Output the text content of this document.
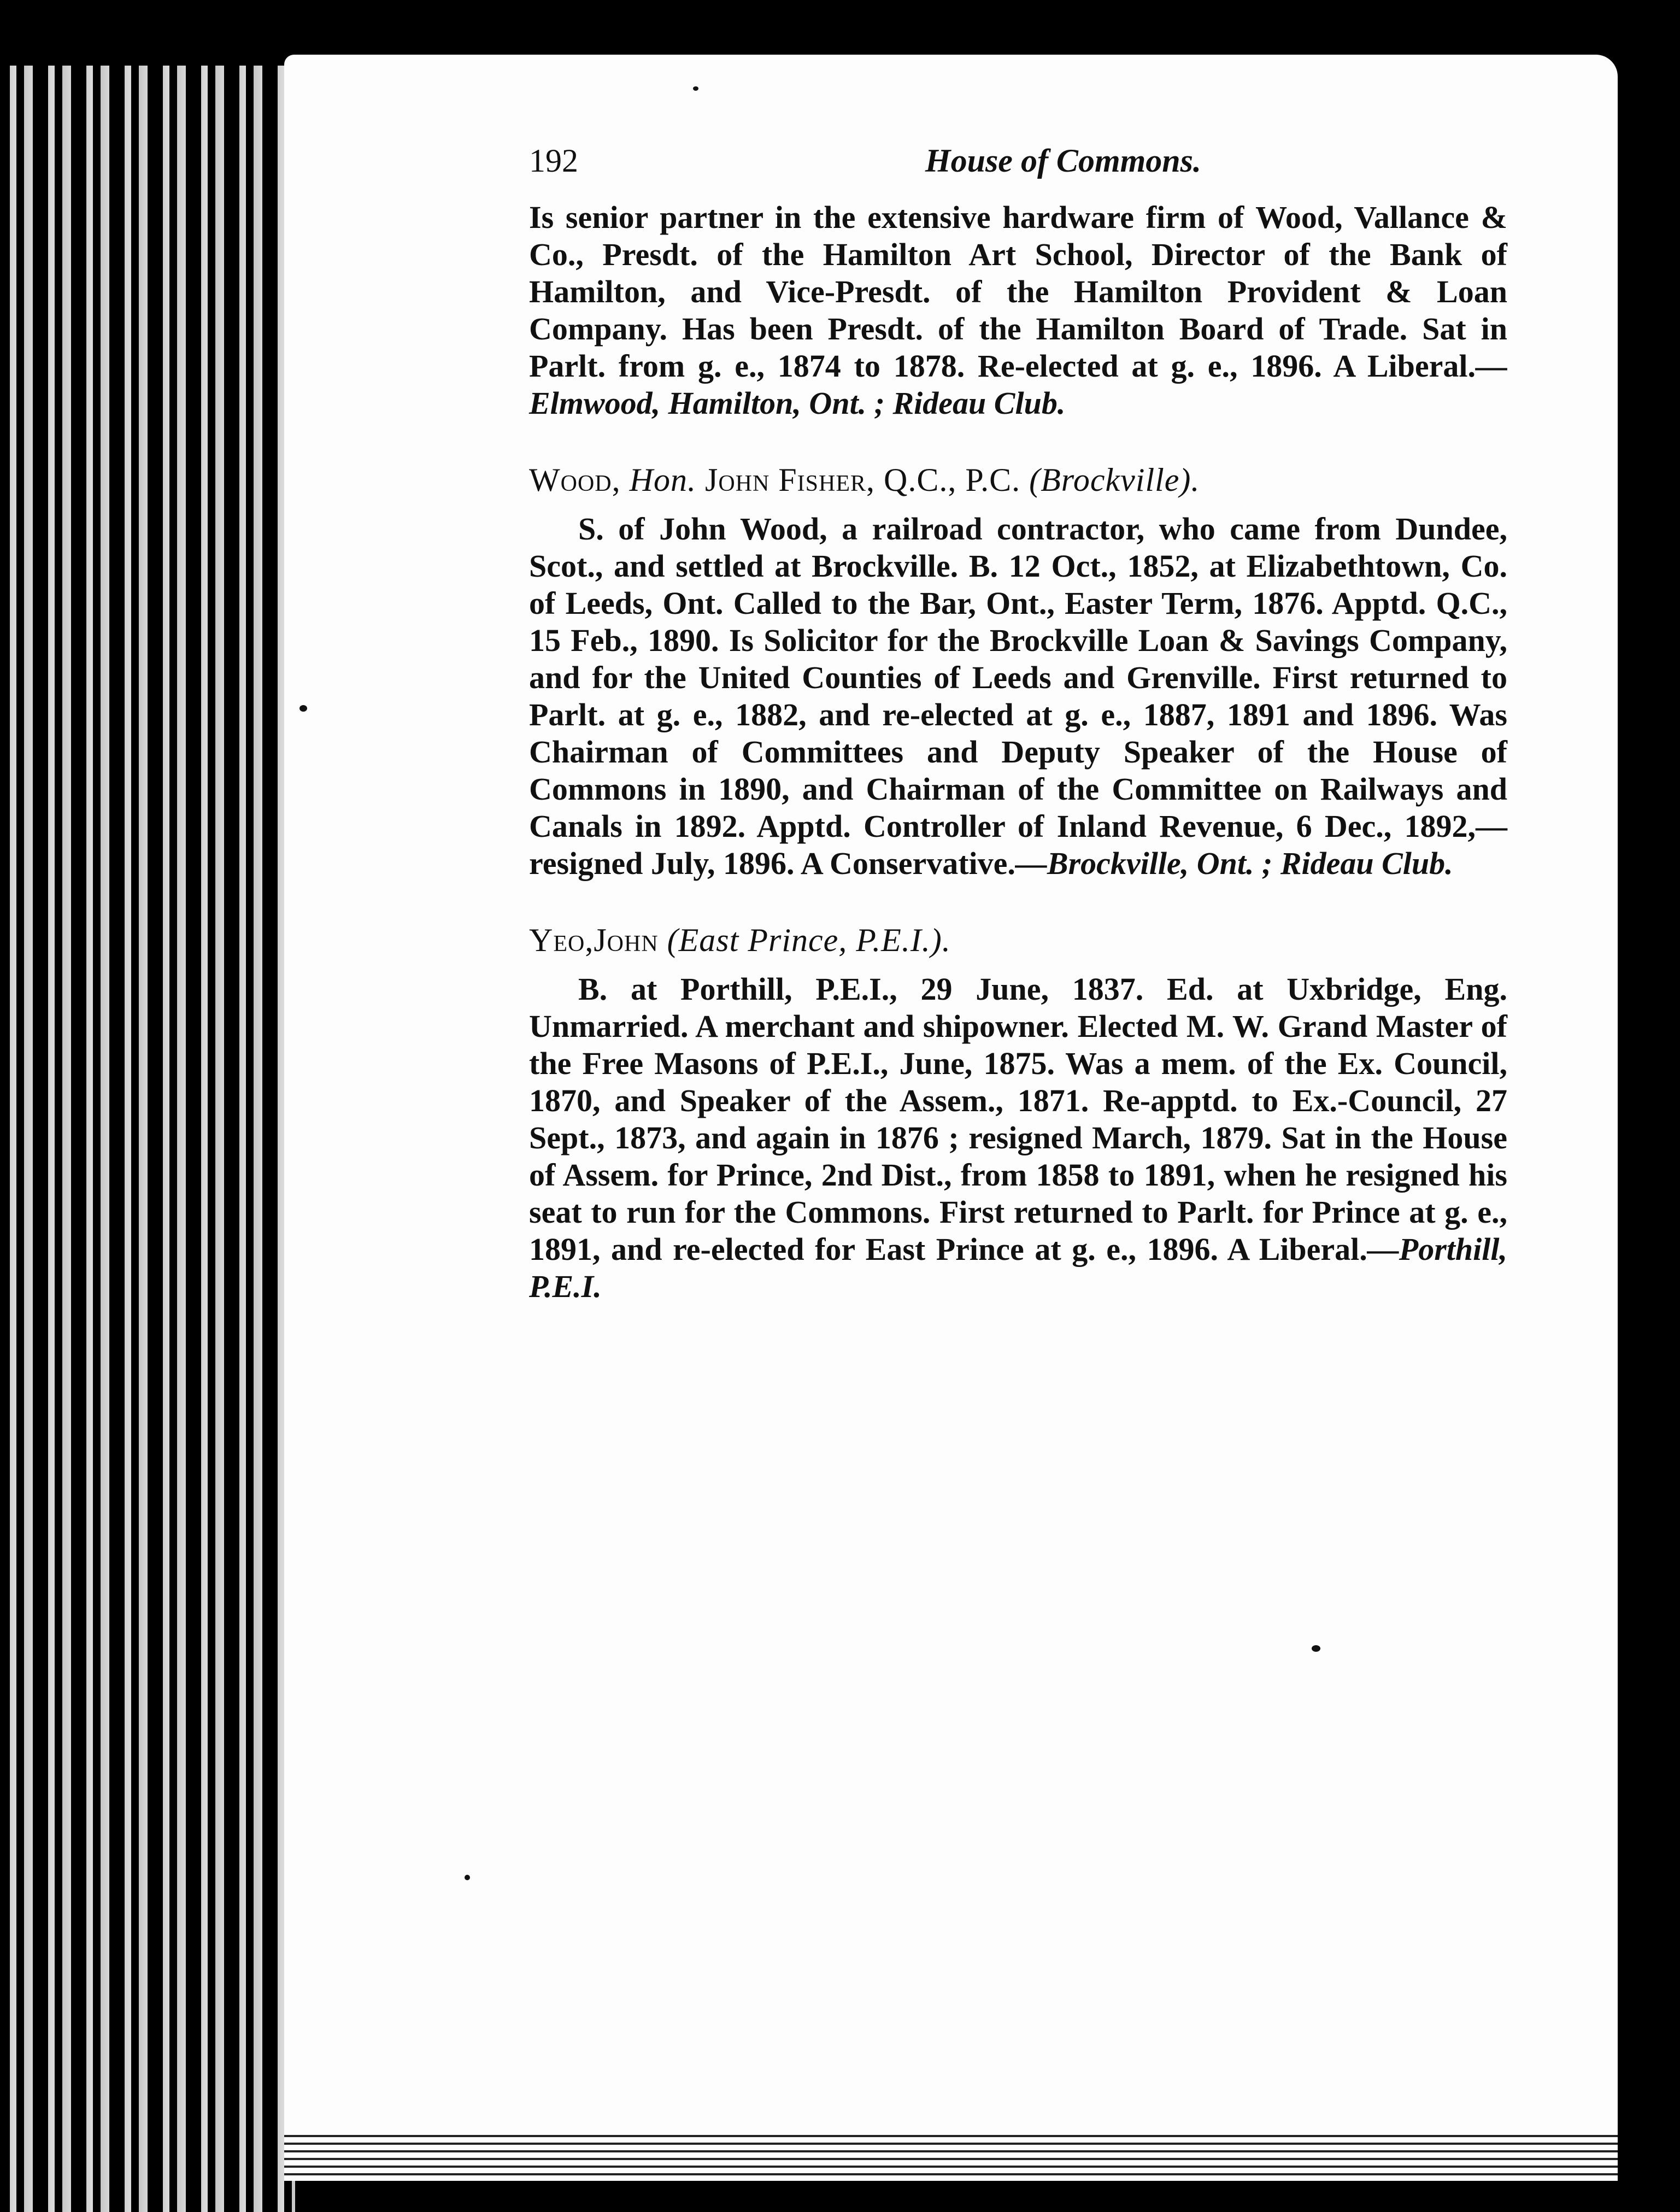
192	House of Commons.

Is senior partner in the extensive hardware firm of Wood, Vallance & Co., Presdt. of the Hamilton Art School, Director of the Bank of Hamilton, and Vice-Presdt. of the Hamilton Provident & Loan Company. Has been Presdt. of the Hamilton Board of Trade. Sat in Parlt. from g. e., 1874 to 1878. Re-elected at g. e., 1896. A Liberal.—Elmwood, Hamilton, Ont. ; Rideau Club.

Wood, Hon. John Fisher, Q.C., P.C. (Brockville).

S. of John Wood, a railroad contractor, who came from Dundee, Scot., and settled at Brockville. B. 12 Oct., 1852, at Elizabethtown, Co. of Leeds, Ont. Called to the Bar, Ont., Easter Term, 1876. Apptd. Q.C., 15 Feb., 1890. Is Solicitor for the Brockville Loan & Savings Company, and for the United Counties of Leeds and Grenville. First returned to Parlt. at g. e., 1882, and re-elected at g. e., 1887, 1891 and 1896. Was Chairman of Committees and Deputy Speaker of the House of Commons in 1890, and Chairman of the Committee on Railways and Canals in 1892. Apptd. Controller of Inland Revenue, 6 Dec., 1892,—resigned July, 1896. A Conservative.—Brockville, Ont. ; Rideau Club.

Yeo,John (East Prince, P.E.I.).

B. at Porthill, P.E.I., 29 June, 1837. Ed. at Uxbridge, Eng. Unmarried. A merchant and shipowner. Elected M. W. Grand Master of the Free Masons of P.E.I., June, 1875. Was a mem. of the Ex. Council, 1870, and Speaker of the Assem., 1871. Re-apptd. to Ex.-Council, 27 Sept., 1873, and again in 1876 ; resigned March, 1879. Sat in the House of Assem. for Prince, 2nd Dist., from 1858 to 1891, when he resigned his seat to run for the Commons. First returned to Parlt. for Prince at g. e., 1891, and re-elected for East Prince at g. e., 1896. A Liberal.—Porthill, P.E.I.
